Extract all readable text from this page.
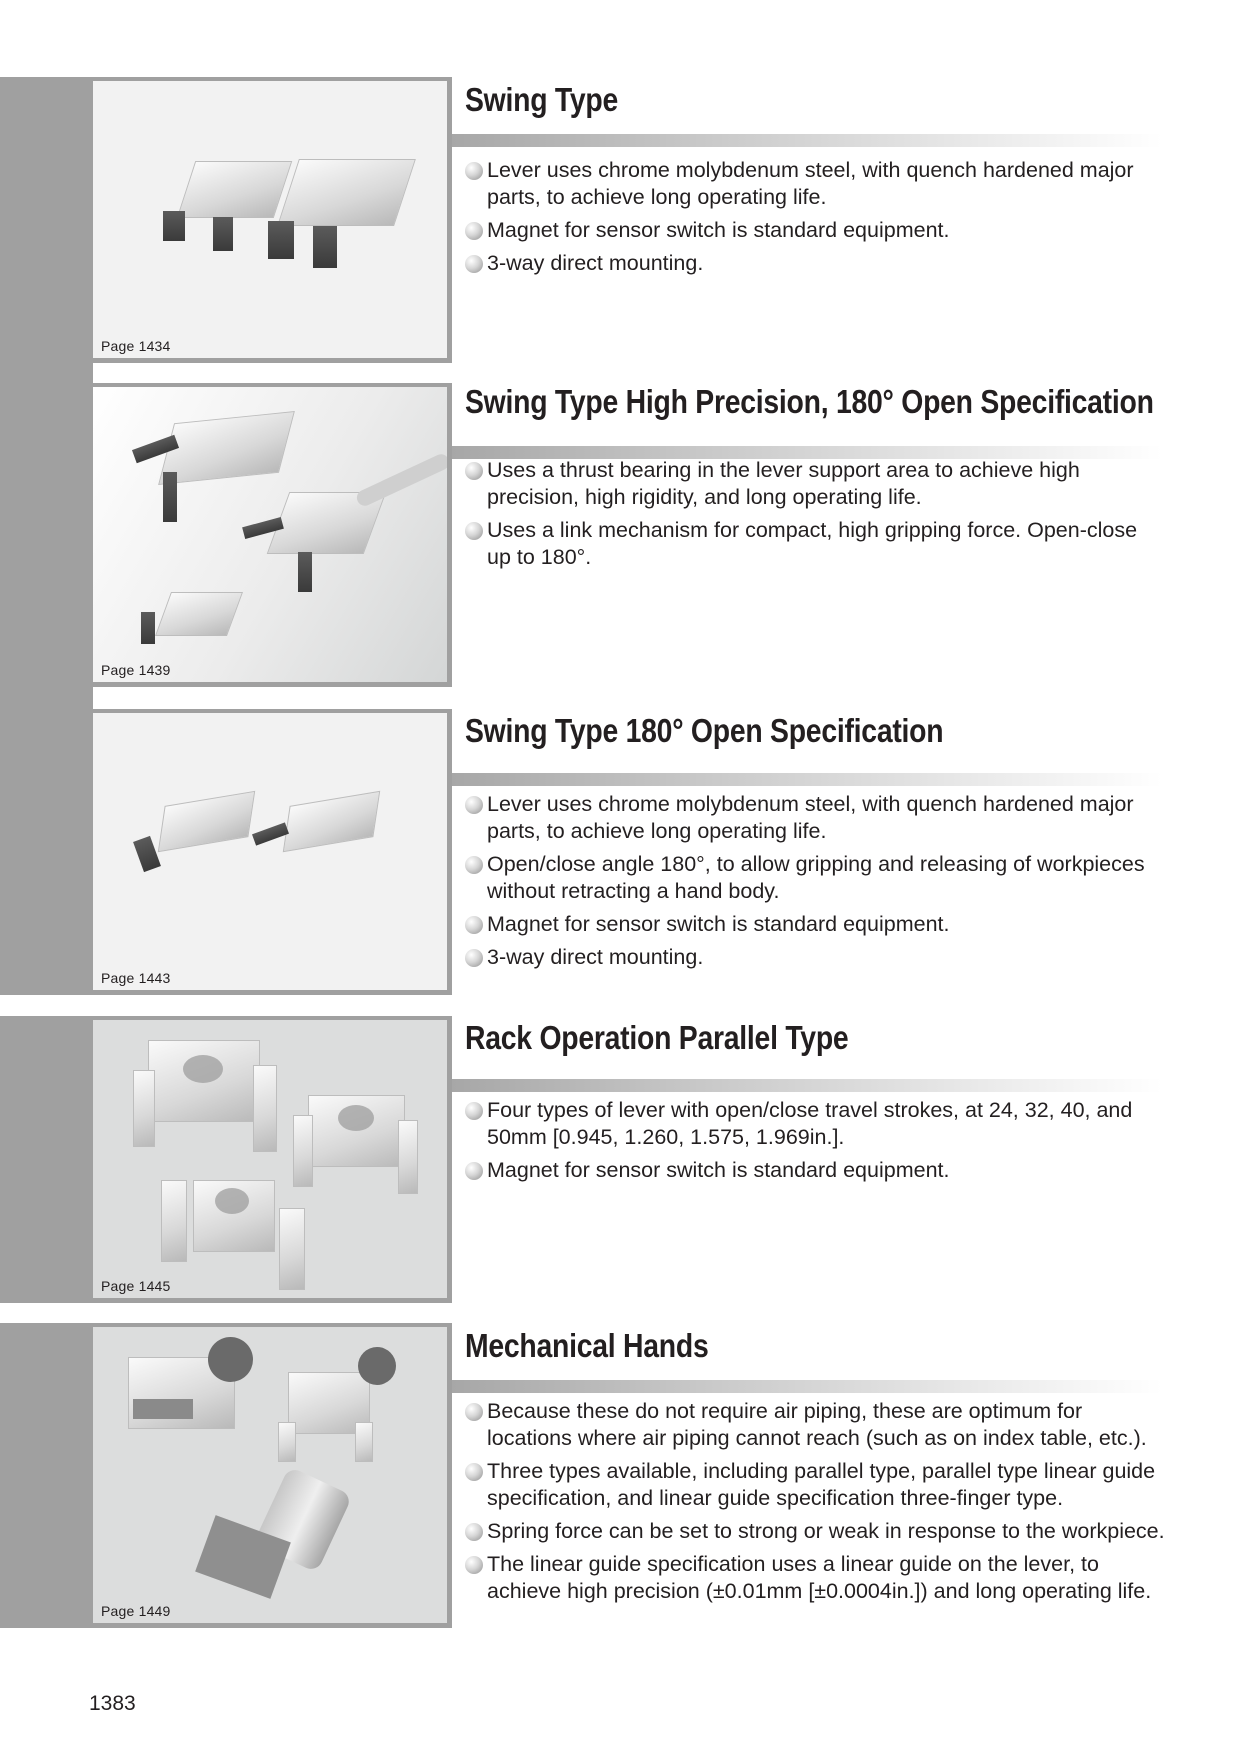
Page 1434
Swing Type
Lever uses chrome molybdenum steel, with quench hardened major parts, to achieve long operating life.
Magnet for sensor switch is standard equipment.
3-way direct mounting.
Page 1439
Swing Type High Precision, 180° Open Specification
Uses a thrust bearing in the lever support area to achieve high precision, high rigidity, and long operating life.
Uses a link mechanism for compact, high gripping force. Open-close up to 180°.
Page 1443
Swing Type 180° Open Specification
Lever uses chrome molybdenum steel, with quench hardened major parts, to achieve long operating life.
Open/close angle 180°, to allow gripping and releasing of workpieces without retracting a hand body.
Magnet for sensor switch is standard equipment.
3-way direct mounting.
Page 1445
Rack Operation Parallel Type
Four types of lever with open/close travel strokes, at 24, 32, 40, and 50mm [0.945, 1.260, 1.575, 1.969in.].
Magnet for sensor switch is standard equipment.
Page 1449
Mechanical Hands
Because these do not require air piping, these are optimum for locations where air piping cannot reach (such as on index table, etc.).
Three types available, including parallel type, parallel type linear guide specification, and linear guide specification three-finger type.
Spring force can be set to strong or weak in response to the workpiece.
The linear guide specification uses a linear guide on the lever, to achieve high precision (±0.01mm [±0.0004in.]) and long operating life.
1383
